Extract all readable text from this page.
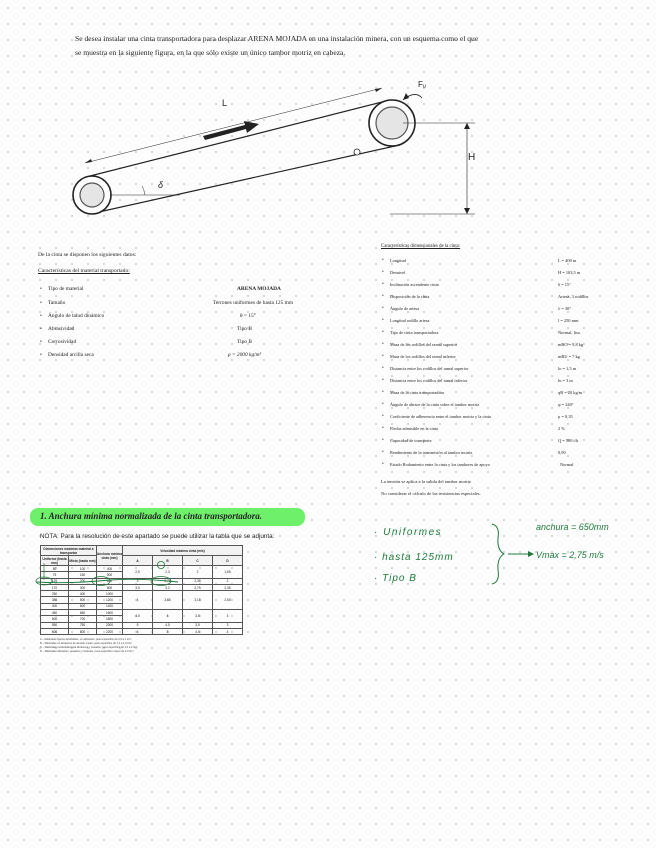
Se desea instalar una cinta transportadora para desplazar ARENA MOJADA en una instalación minera, con un esquema como el que
se muestra en la siguiente figura, en la que sólo existe un único tambor motriz en cabeza.
L
Fᵤ
H
δ
De la cinta se disponen los siguientes datos:
Características del material transportado:
• Tipo de material	ARENA MOJADA
• Tamaño	Terrones uniformes de hasta 125 mm
• Ángulo de talud dinámico	θ = 15°
• Abrasividad	Tipo B
• Corrosividad	Tipo B
• Densidad arcilla seca	ρ = 2000 kg/m³
Características dimensionales de la cinta:
• Longitud	L = 400 m
• Desnivel	H = 103,5 m
• Inclinación ascendente cinta	δ = 15°
• Disposición de la cinta	Artesa, 3 rodillos
• Ángulo de artesa	λ = 30°
• Longitud rodillo artesa	l = 250 mm
• Tipo de cinta transportadora	Normal, lisa
• Masa de los rodillos del ramal superior	mRO = 9,8 kg
• Masa de los rodillos del ramal inferior	mRU = 7 kg
• Distancia entre los rodillos del ramal superior	lo = 1,5 m
• Distancia entre los rodillos del ramal inferior	lu = 3 m
• Masa de la cinta transportadora	qB = 20 kg/m
• Ángulo de abrace de la cinta sobre el tambor motriz	φ = 240°
• Coeficiente de adherencia entre el tambor motriz y la cinta	μ = 0,35
• Flecha admisible en la cinta	2 %
• Capacidad de transporte	Q = 500 t/h
• Rendimiento de la transmisión al tambor motriz	0,90
• Estado Rodamiento entre la cinta y los tambores de apoyo	Normal
La tensión se aplica a la salida del tambor motriz
No considerar el cálculo de las resistencias especiales.
1. Anchura mínima normalizada de la cinta transportadora.
NOTA: Para la resolución de este apartado se puede utilizar la tabla que se adjunta:
Dimensiones máximas material a transportar		Anchura mínima cinta (mm)	Velocidad máxima cinta (m/s)			
Uniforme (hasta mm)	Mixto (hasta mm)		A	B	C	D
50	100	400	2,5	2,3	2	1,65
75	150	500				
125	200	650	3	2,75	2,38	2
170	300	800	3,5	3,2	2,75	2,35
250	400	1000	4	3,65	3,15	2,65
350	500	1200				
400	600	1400				
450	650	1600	4,5	4	3,5	3
500	700	1800				
550	750	2000	5	4,5	3,5	3
600	800	2200	6	5	4,5	4
A – Materiales ligeros deslizables, no abrasivos, peso específico de 0,5 a 1 t/m³
B – Materiales no abrasivos de tamaño medio, peso específico de 1,0 a 1,5 t/m³
C – Materiales moderadamente abrasivos y pesados, peso específico de 1,5 a 2 t/m³
D – Materiales abrasivos, pesados y cortantes, peso específico mayor de 2,0 t/m³
· Uniformes
· hasta 125mm
· Tipo B
anchura = 650mm
Vmax = 2,75 m/s
